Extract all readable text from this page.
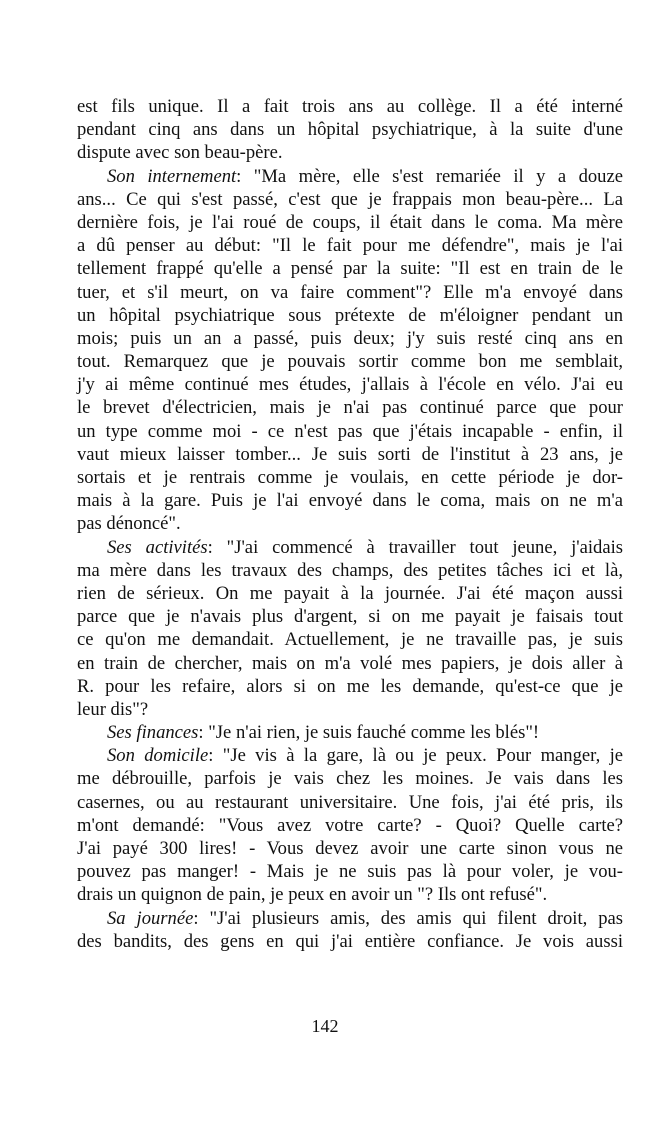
est fils unique. Il a fait trois ans au collège. Il a été interné
pendant cinq ans dans un hôpital psychiatrique, à la suite d'une
dispute avec son beau-père.
Son internement: "Ma mère, elle s'est remariée il y a douze
ans... Ce qui s'est passé, c'est que je frappais mon beau-père... La
dernière fois, je l'ai roué de coups, il était dans le coma. Ma mère
a dû penser au début: "Il le fait pour me défendre", mais je l'ai
tellement frappé qu'elle a pensé par la suite: "Il est en train de le
tuer, et s'il meurt, on va faire comment"? Elle m'a envoyé dans
un hôpital psychiatrique sous prétexte de m'éloigner pendant un
mois; puis un an a passé, puis deux; j'y suis resté cinq ans en
tout. Remarquez que je pouvais sortir comme bon me semblait,
j'y ai même continué mes études, j'allais à l'école en vélo. J'ai eu
le brevet d'électricien, mais je n'ai pas continué parce que pour
un type comme moi - ce n'est pas que j'étais incapable - enfin, il
vaut mieux laisser tomber... Je suis sorti de l'institut à 23 ans, je
sortais et je rentrais comme je voulais, en cette période je dor-
mais à la gare. Puis je l'ai envoyé dans le coma, mais on ne m'a
pas dénoncé".
Ses activités: "J'ai commencé à travailler tout jeune, j'aidais
ma mère dans les travaux des champs, des petites tâches ici et là,
rien de sérieux. On me payait à la journée. J'ai été maçon aussi
parce que je n'avais plus d'argent, si on me payait je faisais tout
ce qu'on me demandait. Actuellement, je ne travaille pas, je suis
en train de chercher, mais on m'a volé mes papiers, je dois aller à
R. pour les refaire, alors si on me les demande, qu'est-ce que je
leur dis"?
Ses finances: "Je n'ai rien, je suis fauché comme les blés"!
Son domicile: "Je vis à la gare, là ou je peux. Pour manger, je
me débrouille, parfois je vais chez les moines. Je vais dans les
casernes, ou au restaurant universitaire. Une fois, j'ai été pris, ils
m'ont demandé: "Vous avez votre carte? - Quoi? Quelle carte?
J'ai payé 300 lires! - Vous devez avoir une carte sinon vous ne
pouvez pas manger! - Mais je ne suis pas là pour voler, je vou-
drais un quignon de pain, je peux en avoir un "? Ils ont refusé".
Sa journée: "J'ai plusieurs amis, des amis qui filent droit, pas
des bandits, des gens en qui j'ai entière confiance. Je vois aussi
142
